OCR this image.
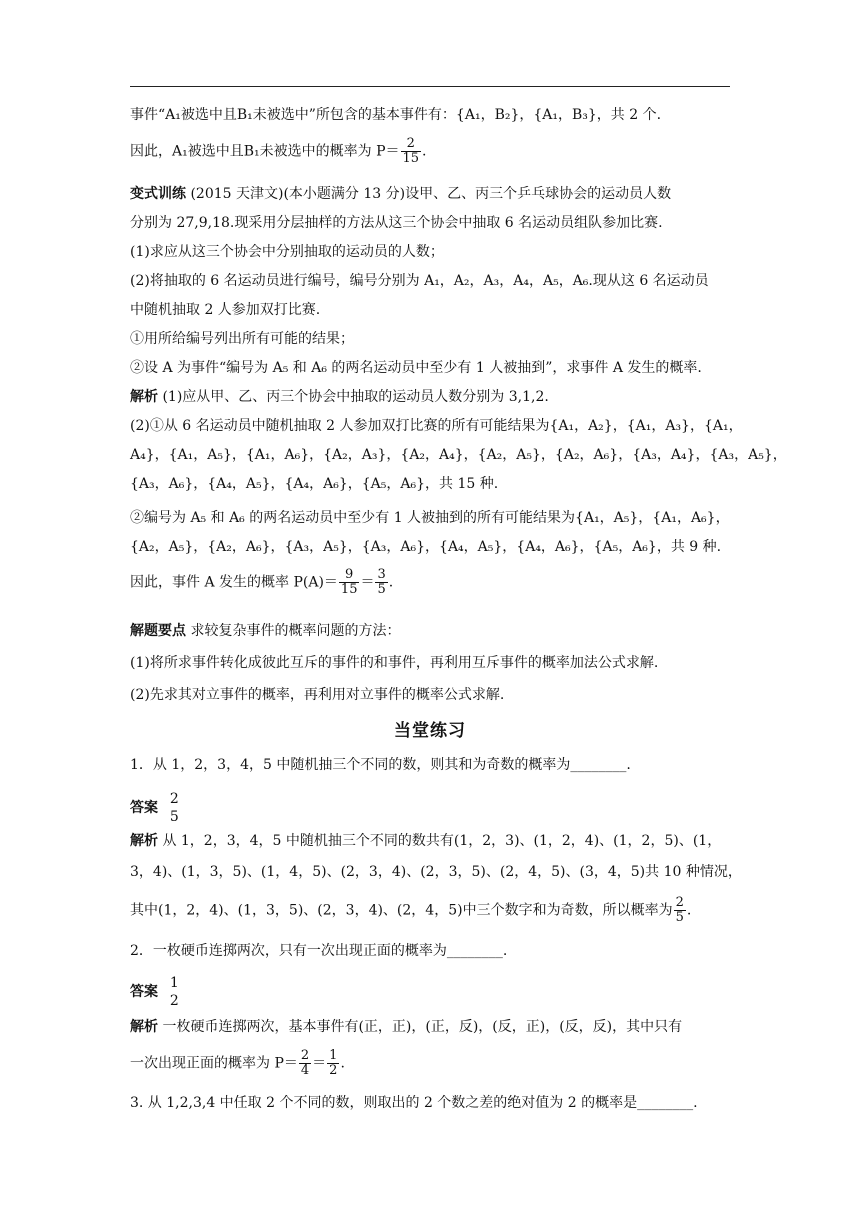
事件“A₁被选中且B₁未被选中”所包含的基本事件有：{A₁，B₂}，{A₁，B₃}，共 2 个.
因此，A₁被选中且B₁未被选中的概率为 $P= \frac{2}{15}$ .
变式训练 (2015 天津文)(本小题满分 13 分)设甲、乙、丙三个乒乓球协会的运动员人数
分别为 27,9,18.现采用分层抽样的方法从这三个协会中抽取 6 名运动员组队参加比赛.
(1)求应从这三个协会中分别抽取的运动员的人数；
(2)将抽取的 6 名运动员进行编号，编号分别为 A₁，A₂，A₃，A₄，A₅，A₆.现从这 6 名运动员
中随机抽取 2 人参加双打比赛.
①用所给编号列出所有可能的结果；
②设 A 为事件“编号为 A₅ 和 A₆ 的两名运动员中至少有 1 人被抽到”，求事件 A 发生的概率.
解析 (1)应从甲、乙、丙三个协会中抽取的运动员人数分别为 3,1,2.
(2)①从 6 名运动员中随机抽取 2 人参加双打比赛的所有可能结果为{A₁，A₂}，{A₁，A₃}，{A₁，
A₄}，{A₁，A₅}，{A₁，A₆}，{A₂，A₃}，{A₂，A₄}，{A₂，A₅}，{A₂，A₆}，{A₃，A₄}，{A₃，A₅}，
{A₃，A₆}，{A₄，A₅}，{A₄，A₆}，{A₅，A₆}，共 15 种.
②编号为 A₅ 和 A₆ 的两名运动员中至少有 1 人被抽到的所有可能结果为{A₁，A₅}，{A₁，A₆}，
{A₂，A₅}，{A₂，A₆}，{A₃，A₅}，{A₃，A₆}，{A₄，A₅}，{A₄，A₆}，{A₅，A₆}，共 9 种.
因此，事件 A 发生的概率 $P(A)= \frac{9}{15} = \frac{3}{5}$ .
解题要点 求较复杂事件的概率问题的方法：
(1)将所求事件转化成彼此互斥的事件的和事件，再利用互斥事件的概率加法公式求解.
(2)先求其对立事件的概率，再利用对立事件的概率公式求解.
当堂练习
1．从 1，2，3，4，5 中随机抽三个不同的数，则其和为奇数的概率为________.
答案
2
5
解析 从 1，2，3，4，5 中随机抽三个不同的数共有(1，2，3)、(1，2，4)、(1，2，5)、(1，
3，4)、(1，3，5)、(1，4，5)、(2，3，4)、(2，3，5)、(2，4，5)、(3，4，5)共 10 种情况，
其中(1，2，4)、(1，3，5)、(2，3，4)、(2，4，5)中三个数字和为奇数，所以概率为 $\frac{2}{5}$ .
2．一枚硬币连掷两次，只有一次出现正面的概率为________.
答案
1
2
解析 一枚硬币连掷两次，基本事件有(正，正)，(正，反)，(反，正)，(反，反)，其中只有
一次出现正面的概率为 $P= \frac{2}{4} = \frac{1}{2}$ .
3. 从 1,2,3,4 中任取 2 个不同的数，则取出的 2 个数之差的绝对值为 2 的概率是________.
